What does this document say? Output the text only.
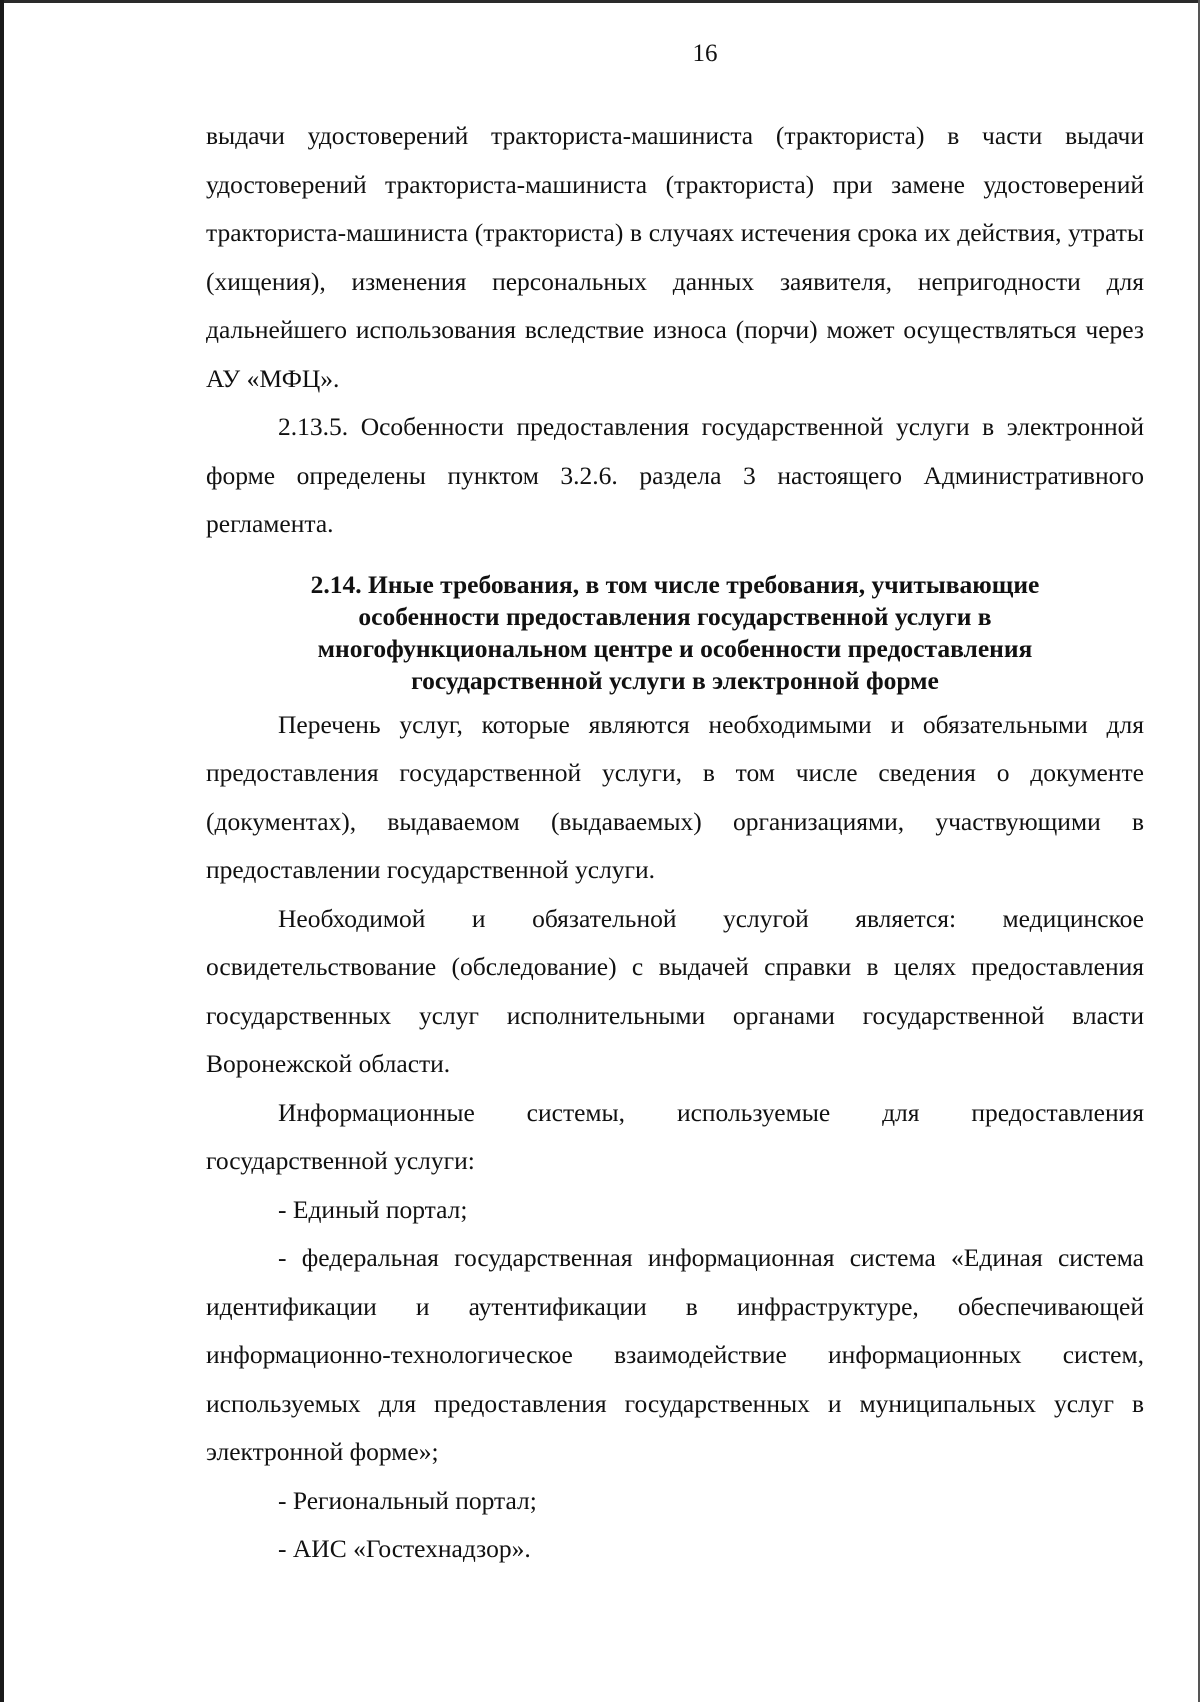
16

выдачи удостоверений тракториста-машиниста (тракториста) в части выдачи удостоверений тракториста-машиниста (тракториста) при замене удостоверений тракториста-машиниста (тракториста) в случаях истечения срока их действия, утраты (хищения), изменения персональных данных заявителя, непригодности для дальнейшего использования вследствие износа (порчи) может осуществляться через АУ «МФЦ».

2.13.5. Особенности предоставления государственной услуги в электронной форме определены пунктом 3.2.6. раздела 3 настоящего Административного регламента.

2.14. Иные требования, в том числе требования, учитывающие
особенности предоставления государственной услуги в
многофункциональном центре и особенности предоставления
государственной услуги в электронной форме

Перечень услуг, которые являются необходимыми и обязательными для предоставления государственной услуги, в том числе сведения о документе (документах), выдаваемом (выдаваемых) организациями, участвующими в предоставлении государственной услуги.

Необходимой и обязательной услугой является: медицинское освидетельствование (обследование) с выдачей справки в целях предоставления государственных услуг исполнительными органами государственной власти Воронежской области.

Информационные системы, используемые для предоставления государственной услуги:

- Единый портал;

- федеральная государственная информационная система «Единая система идентификации и аутентификации в инфраструктуре, обеспечивающей информационно-технологическое взаимодействие информационных систем, используемых для предоставления государственных и муниципальных услуг в электронной форме»;

- Региональный портал;

- АИС «Гостехнадзор».
